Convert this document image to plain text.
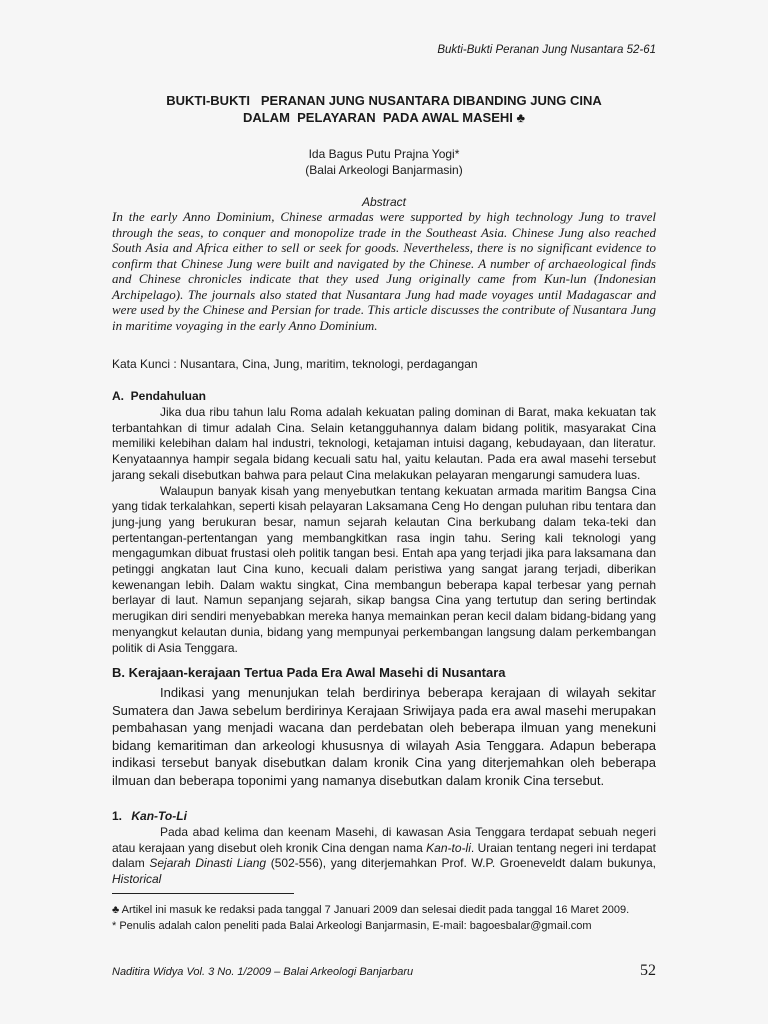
Bukti-Bukti Peranan Jung Nusantara 52-61
BUKTI-BUKTI   PERANAN JUNG NUSANTARA DIBANDING JUNG CINA
DALAM  PELAYARAN  PADA AWAL MASEHI ♣
Ida Bagus Putu Prajna Yogi*
(Balai Arkeologi Banjarmasin)
Abstract
In the early Anno Dominium, Chinese armadas were supported by high technology Jung to travel through the seas, to conquer and monopolize trade in the Southeast Asia. Chinese Jung also reached South Asia and Africa either to sell or seek for goods. Nevertheless, there is no significant evidence to confirm that Chinese Jung were built and navigated by the Chinese. A number of archaeological finds and Chinese chronicles indicate that they used Jung originally came from Kun-lun (Indonesian Archipelago). The journals also stated that Nusantara Jung had made voyages until Madagascar and were used by the Chinese and Persian for trade. This article discusses the contribute of Nusantara Jung in maritime voyaging in the early Anno Dominium.
Kata Kunci : Nusantara, Cina, Jung, maritim, teknologi, perdagangan
A.  Pendahuluan

Jika dua ribu tahun lalu Roma adalah kekuatan paling dominan di Barat, maka kekuatan tak terbantahkan di timur adalah Cina. Selain ketangguhannya dalam bidang politik, masyarakat Cina memiliki kelebihan dalam hal industri, teknologi, ketajaman intuisi dagang, kebudayaan, dan literatur. Kenyataannya hampir segala bidang kecuali satu hal, yaitu kelautan. Pada era awal masehi tersebut jarang sekali disebutkan bahwa para pelaut Cina melakukan pelayaran mengarungi samudera luas.

Walaupun banyak kisah yang menyebutkan tentang kekuatan armada maritim Bangsa Cina yang tidak terkalahkan, seperti kisah pelayaran Laksamana Ceng Ho dengan puluhan ribu tentara dan jung-jung yang berukuran besar, namun sejarah kelautan Cina berkubang dalam teka-teki dan pertentangan-pertentangan yang membangkitkan rasa ingin tahu. Sering kali teknologi yang mengagumkan dibuat frustasi oleh politik tangan besi. Entah apa yang terjadi jika para laksamana dan petinggi angkatan laut Cina kuno, kecuali dalam peristiwa yang sangat jarang terjadi, diberikan kewenangan lebih. Dalam waktu singkat, Cina membangun beberapa kapal terbesar yang pernah berlayar di laut. Namun sepanjang sejarah, sikap bangsa Cina yang tertutup dan sering bertindak merugikan diri sendiri menyebabkan mereka hanya memainkan peran kecil dalam bidang-bidang yang menyangkut kelautan dunia, bidang yang mempunyai perkembangan langsung dalam perkembangan politik di Asia Tenggara.

B. Kerajaan-kerajaan Tertua Pada Era Awal Masehi di Nusantara

Indikasi yang menunjukan telah berdirinya beberapa kerajaan di wilayah sekitar Sumatera dan Jawa sebelum berdirinya Kerajaan Sriwijaya pada era awal masehi merupakan pembahasan yang menjadi wacana dan perdebatan oleh beberapa ilmuan yang menekuni bidang kemaritiman dan arkeologi khususnya di wilayah Asia Tenggara. Adapun beberapa indikasi tersebut banyak disebutkan dalam kronik Cina yang diterjemahkan oleh beberapa ilmuan dan beberapa toponimi yang namanya disebutkan dalam kronik Cina tersebut.

1. Kan-To-Li

Pada abad kelima dan keenam Masehi, di kawasan Asia Tenggara terdapat sebuah negeri atau kerajaan yang disebut oleh kronik Cina dengan nama Kan-to-li. Uraian tentang negeri ini terdapat dalam Sejarah Dinasti Liang (502-556), yang diterjemahkan Prof. W.P. Groeneveldt dalam bukunya, Historical

♣ Artikel ini masuk ke redaksi pada tanggal 7 Januari 2009 dan selesai diedit pada tanggal 16 Maret 2009.
* Penulis adalah calon peneliti pada Balai Arkeologi Banjarmasin, E-mail: bagoesbalar@gmail.com
Naditira Widya Vol. 3 No. 1/2009 – Balai Arkeologi Banjarbaru	52
